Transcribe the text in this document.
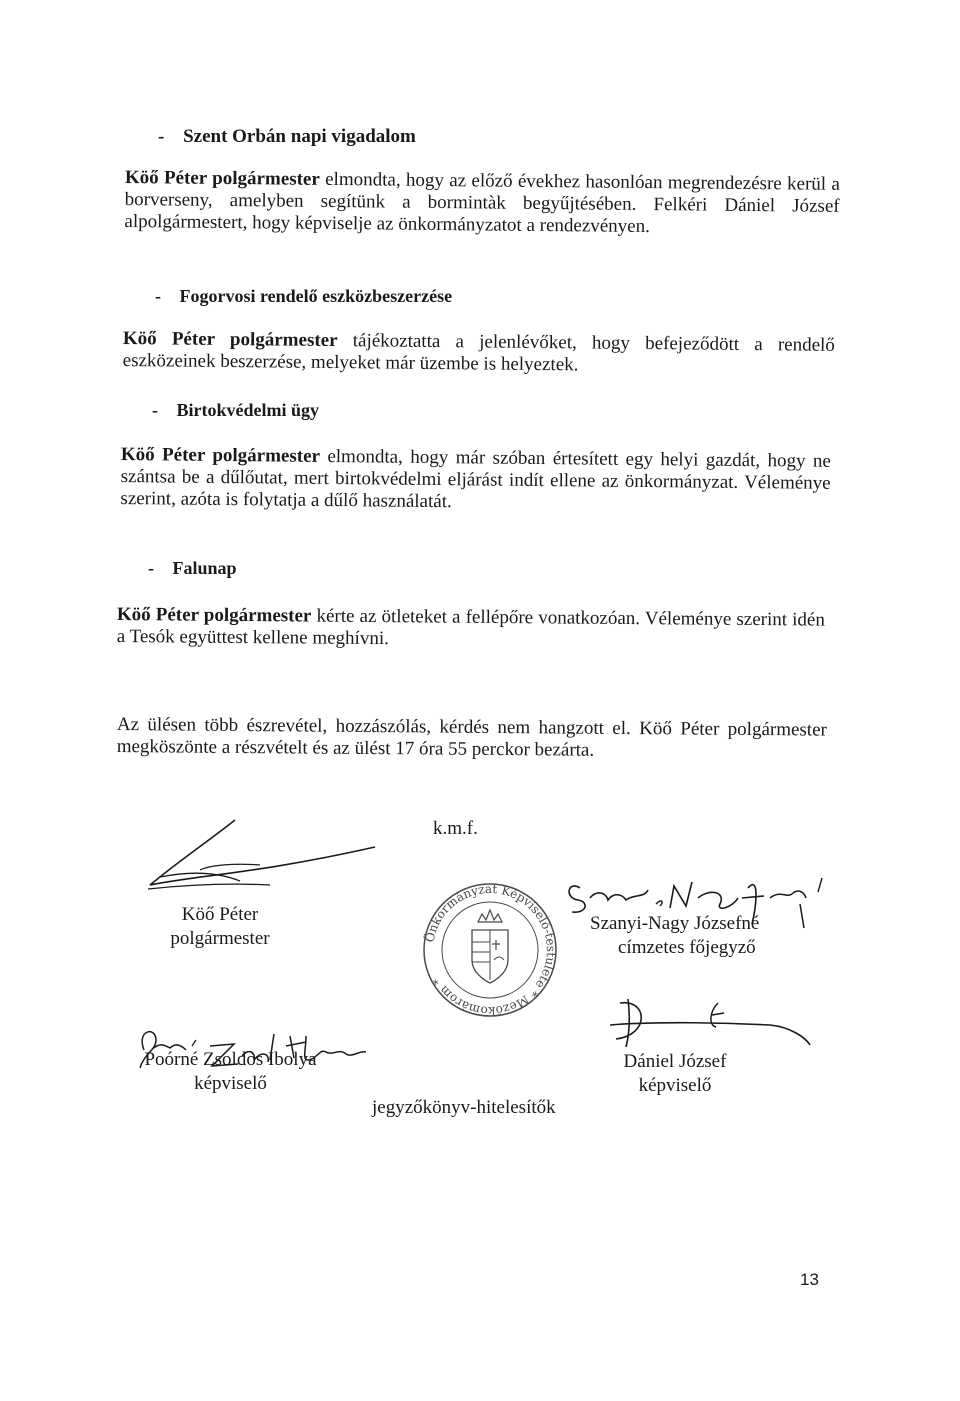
- Szent Orbán napi vigadalom
Köő Péter polgármester elmondta, hogy az előző évekhez hasonlóan megrendezésre kerül a
borverseny, amelyben segítünk a bormintàk begyűjtésében. Felkéri Dániel József
alpolgármestert, hogy képviselje az önkormányzatot a rendezvényen.
- Fogorvosi rendelő eszközbeszerzése
Köő Péter polgármester tájékoztatta a jelenlévőket, hogy befejeződött a rendelő
eszközeinek beszerzése, melyeket már üzembe is helyeztek.
- Birtokvédelmi ügy
Köő Péter polgármester elmondta, hogy már szóban értesített egy helyi gazdát, hogy ne
szántsa be a dűlőutat, mert birtokvédelmi eljárást indít ellene az önkormányzat. Véleménye
szerint, azóta is folytatja a dűlő használatát.
- Falunap
Köő Péter polgármester kérte az ötleteket a fellépőre vonatkozóan. Véleménye szerint idén
a Tesók együttest kellene meghívni.
Az ülésen több észrevétel, hozzászólás, kérdés nem hangzott el. Köő Péter polgármester
megköszönte a részvételt és az ülést 17 óra 55 perckor bezárta.
k.m.f.
Köő Péter
polgármester	Önkormányzat Képviselő-testülete * Mezőkomárom *
Szanyi-Nagy Józsefné
címzetes főjegyző
Poórné Zsoldos Ibolya
képviselő
Dániel József
képviselő
jegyzőkönyv-hitelesítők
13
